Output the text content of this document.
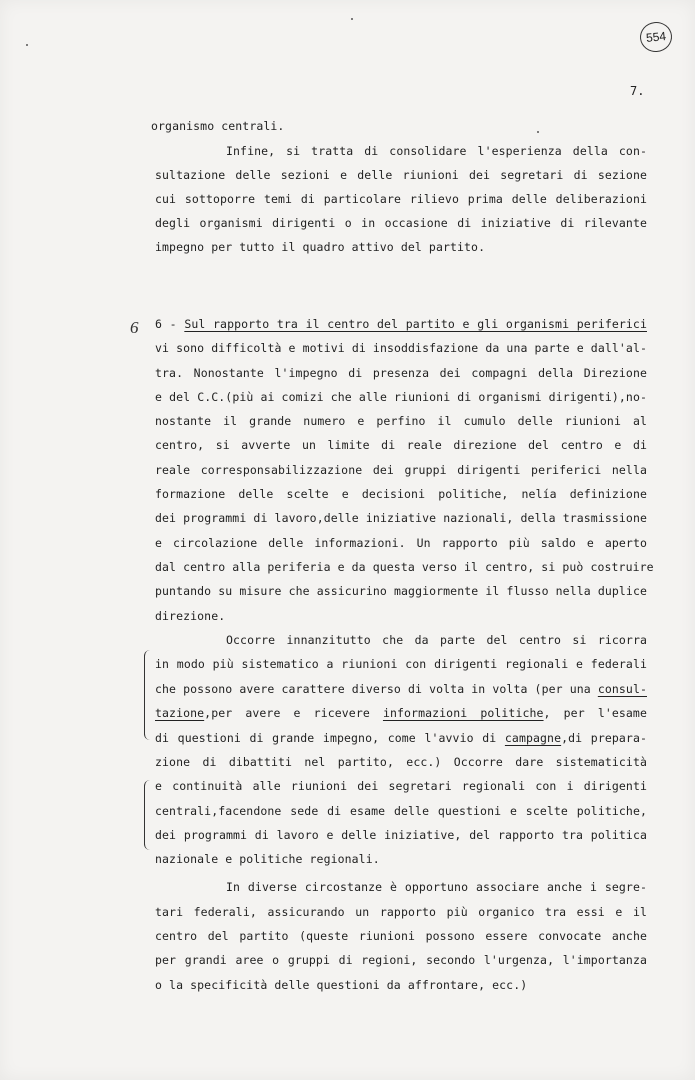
554
7.
6
organismo centrali.
Infine, si tratta di consolidare l'esperienza della con-
sultazione delle sezioni e delle riunioni dei segretari di sezione
cui sottoporre temi di particolare rilievo prima delle deliberazioni
degli organismi dirigenti o in occasione di iniziative di rilevante
impegno per tutto il quadro attivo del partito.
6 - Sul rapporto tra il centro del partito e gli organismi periferici
vi sono difficoltà e motivi di insoddisfazione da una parte e dall'al-
tra. Nonostante l'impegno di presenza dei compagni della Direzione
e del C.C.(più ai comizi che alle riunioni di organismi dirigenti),no-
nostante il grande numero e perfino il cumulo delle riunioni al
centro, si avverte un limite di reale direzione del centro e di
reale corresponsabilizzazione dei gruppi dirigenti periferici nella
formazione delle scelte e decisioni politiche, nelía definizione
dei programmi di lavoro,delle iniziative nazionali, della trasmissione
e circolazione delle informazioni. Un rapporto più saldo e aperto
dal centro alla periferia e da questa verso il centro, si può costruire
puntando su misure che assicurino maggiormente il flusso nella duplice
direzione.
Occorre innanzitutto che da parte del centro si ricorra
in modo più sistematico a riunioni con dirigenti regionali e federali
che possono avere carattere diverso di volta in volta (per una consul-
tazione,per avere e ricevere informazioni politiche, per l'esame
di questioni di grande impegno, come l'avvio di campagne,di prepara-
zione di dibattiti nel partito, ecc.) Occorre dare sistematicità
e continuità alle riunioni dei segretari regionali con i dirigenti
centrali,facendone sede di esame delle questioni e scelte politiche,
dei programmi di lavoro e delle iniziative, del rapporto tra politica
nazionale e politiche regionali.
In diverse circostanze è opportuno associare anche i segre-
tari federali, assicurando un rapporto più organico tra essi e il
centro del partito (queste riunioni possono essere convocate anche
per grandi aree o gruppi di regioni, secondo l'urgenza, l'importanza
o la specificità delle questioni da affrontare, ecc.)
